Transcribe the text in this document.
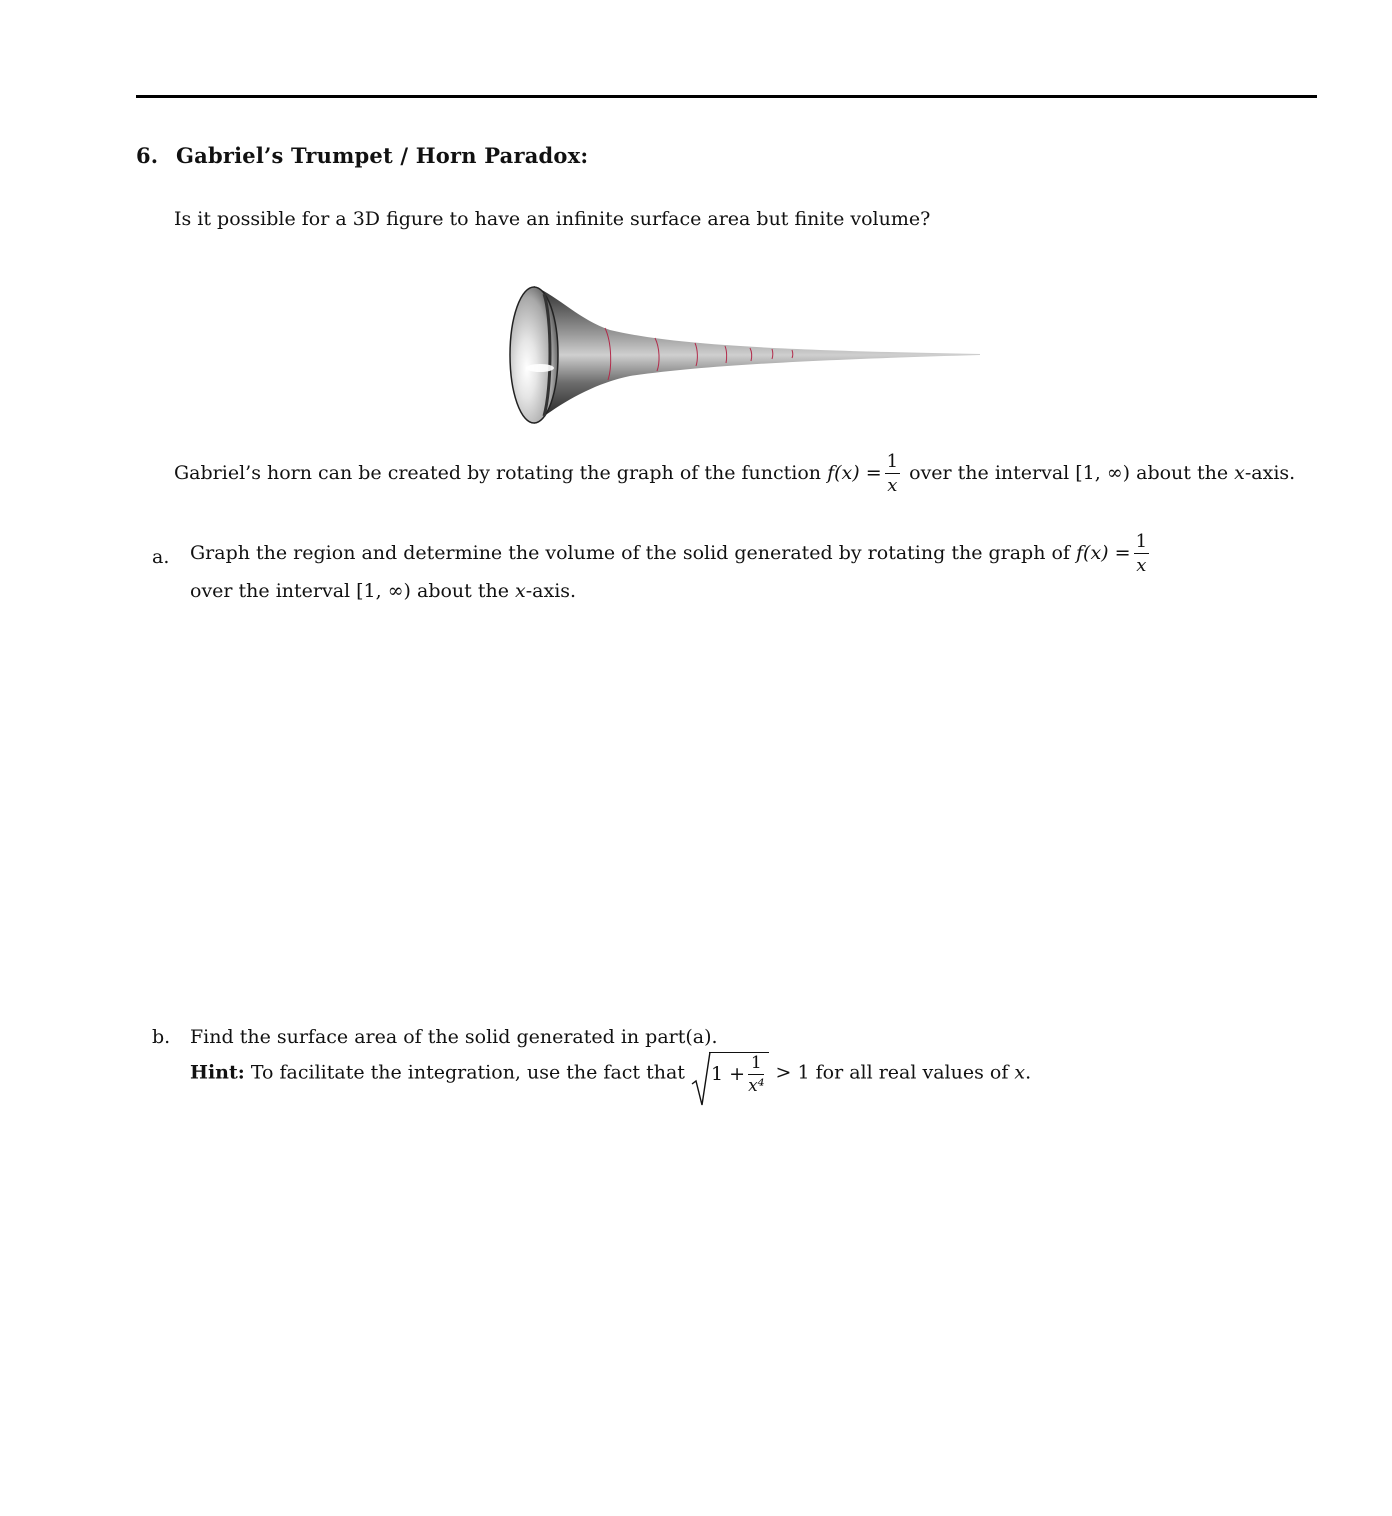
6. Gabriel’s Trumpet / Horn Paradox:
Is it possible for a 3D figure to have an infinite surface area but finite volume?
Gabriel’s horn can be created by rotating the graph of the function $f(x) = \frac{1}{x}$ over the interval [1, ∞) about the x-axis.
a. Graph the region and determine the volume of the solid generated by rotating the graph of $f(x) = \frac{1}{x}$
over the interval [1, ∞) about the x-axis.
b. Find the surface area of the solid generated in part(a).
Hint: To facilitate the integration, use the fact that $1 + \frac{1}{\text{x⁴}} > 1$ for all real values of x.
